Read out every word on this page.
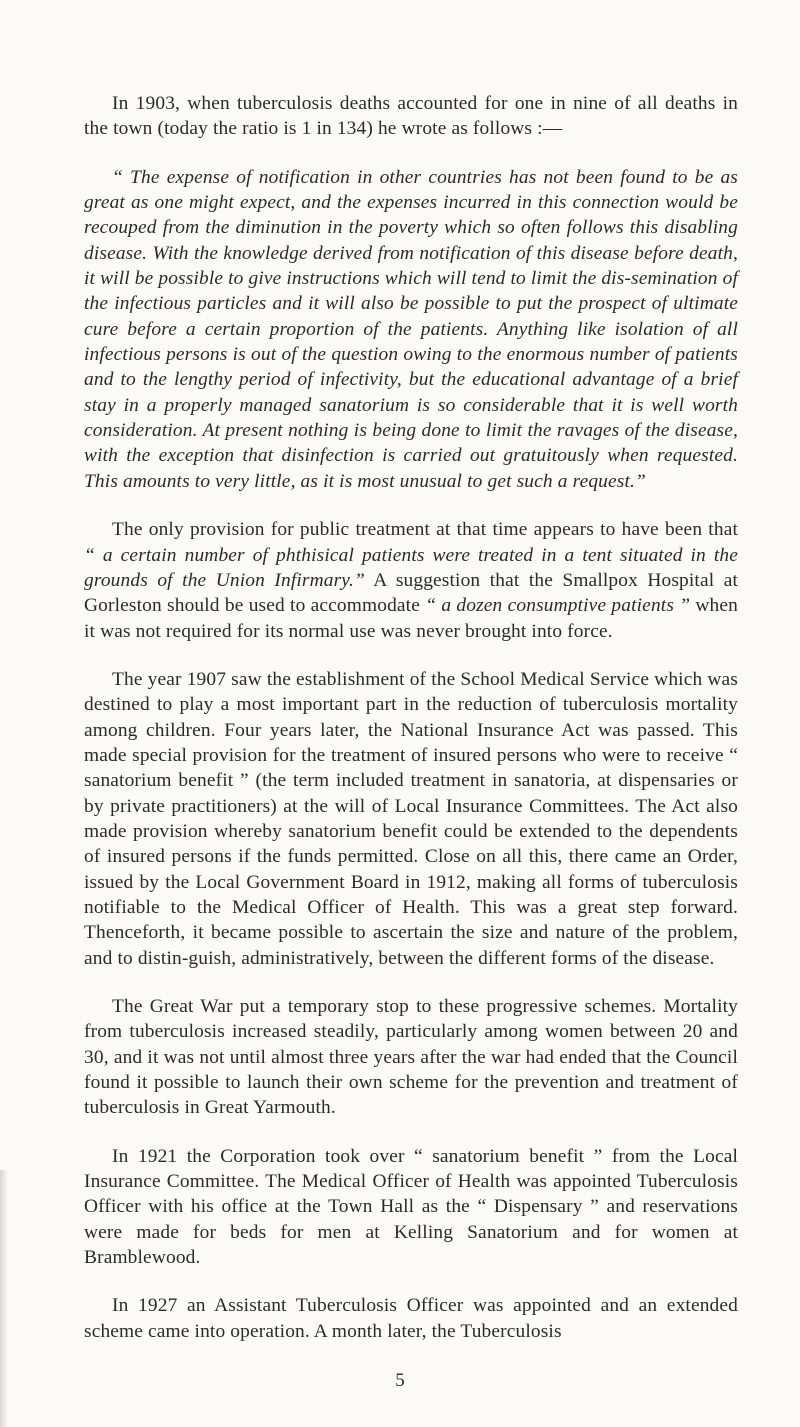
In 1903, when tuberculosis deaths accounted for one in nine of all deaths in the town (today the ratio is 1 in 134) he wrote as follows :—

“ The expense of notification in other countries has not been found to be as great as one might expect, and the expenses incurred in this connection would be recouped from the diminution in the poverty which so often follows this disabling disease. With the knowledge derived from notification of this disease before death, it will be possible to give instructions which will tend to limit the dis-semination of the infectious particles and it will also be possible to put the prospect of ultimate cure before a certain proportion of the patients. Anything like isolation of all infectious persons is out of the question owing to the enormous number of patients and to the lengthy period of infectivity, but the educational advantage of a brief stay in a properly managed sanatorium is so considerable that it is well worth consideration. At present nothing is being done to limit the ravages of the disease, with the exception that disinfection is carried out gratuitously when requested. This amounts to very little, as it is most unusual to get such a request.”

The only provision for public treatment at that time appears to have been that “ a certain number of phthisical patients were treated in a tent situated in the grounds of the Union Infirmary.” A suggestion that the Smallpox Hospital at Gorleston should be used to accommodate “ a dozen consumptive patients ” when it was not required for its normal use was never brought into force.

The year 1907 saw the establishment of the School Medical Service which was destined to play a most important part in the reduction of tuberculosis mortality among children. Four years later, the National Insurance Act was passed. This made special provision for the treatment of insured persons who were to receive “ sanatorium benefit ” (the term included treatment in sanatoria, at dispensaries or by private practitioners) at the will of Local Insurance Committees. The Act also made provision whereby sanatorium benefit could be extended to the dependents of insured persons if the funds permitted. Close on all this, there came an Order, issued by the Local Government Board in 1912, making all forms of tuberculosis notifiable to the Medical Officer of Health. This was a great step forward. Thenceforth, it became possible to ascertain the size and nature of the problem, and to distin-guish, administratively, between the different forms of the disease.

The Great War put a temporary stop to these progressive schemes. Mortality from tuberculosis increased steadily, particularly among women between 20 and 30, and it was not until almost three years after the war had ended that the Council found it possible to launch their own scheme for the prevention and treatment of tuberculosis in Great Yarmouth.

In 1921 the Corporation took over “ sanatorium benefit ” from the Local Insurance Committee. The Medical Officer of Health was appointed Tuberculosis Officer with his office at the Town Hall as the “ Dispensary ” and reservations were made for beds for men at Kelling Sanatorium and for women at Bramblewood.

In 1927 an Assistant Tuberculosis Officer was appointed and an extended scheme came into operation. A month later, the Tuberculosis

5
